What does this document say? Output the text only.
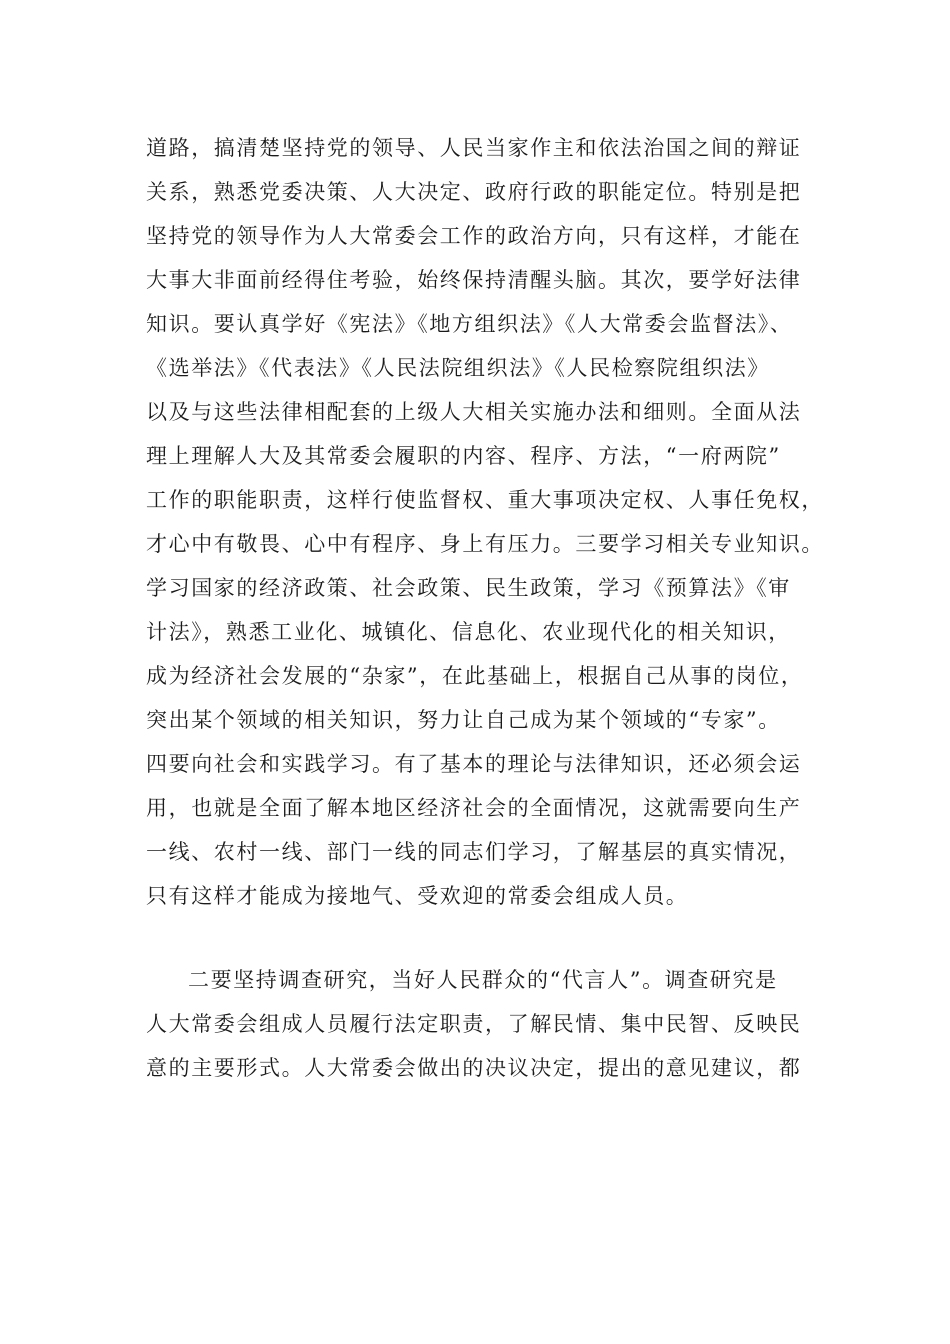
道路，搞清楚坚持党的领导、人民当家作主和依法治国之间的辩证
关系，熟悉党委决策、人大决定、政府行政的职能定位。特别是把
坚持党的领导作为人大常委会工作的政治方向，只有这样，才能在
大事大非面前经得住考验，始终保持清醒头脑。其次，要学好法律
知识。要认真学好《宪法》《地方组织法》《人大常委会监督法》、
《选举法》《代表法》《人民法院组织法》《人民检察院组织法》
以及与这些法律相配套的上级人大相关实施办法和细则。全面从法
理上理解人大及其常委会履职的内容、程序、方法，“一府两院”
工作的职能职责，这样行使监督权、重大事项决定权、人事任免权，
才心中有敬畏、心中有程序、身上有压力。三要学习相关专业知识。
学习国家的经济政策、社会政策、民生政策，学习《预算法》《审
计法》，熟悉工业化、城镇化、信息化、农业现代化的相关知识，
成为经济社会发展的“杂家”，在此基础上，根据自己从事的岗位，
突出某个领域的相关知识，努力让自己成为某个领域的“专家”。
四要向社会和实践学习。有了基本的理论与法律知识，还必须会运
用，也就是全面了解本地区经济社会的全面情况，这就需要向生产
一线、农村一线、部门一线的同志们学习，了解基层的真实情况，
只有这样才能成为接地气、受欢迎的常委会组成人员。
二要坚持调查研究，当好人民群众的“代言人”。调查研究是
人大常委会组成人员履行法定职责，了解民情、集中民智、反映民
意的主要形式。人大常委会做出的决议决定，提出的意见建议，都
